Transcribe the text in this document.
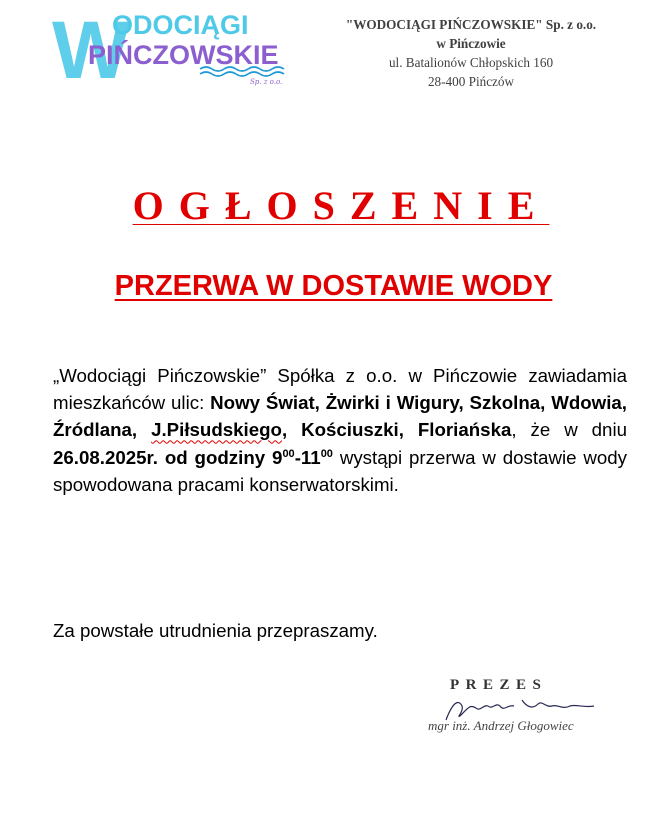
W
ODOCIĄGI
PIŃCZOWSKIE
Sp. z o.o.
"WODOCIĄGI PIŃCZOWSKIE" Sp. z o.o.
w Pińczowie
ul. Batalionów Chłopskich 160
28-400 Pińczów
OGŁOSZENIE
PRZERWA W DOSTAWIE WODY
„Wodociągi Pińczowskie” Spółka z o.o. w Pińczowie zawiadamia mieszkańców ulic: Nowy Świat, Żwirki i Wigury, Szkolna, Wdowia, Źródlana, J.Piłsudskiego, Kościuszki, Floriańska, że w dniu 26.08.2025r. od godziny $9^{00}-11^{00}$ wystąpi przerwa w dostawie wody spowodowana pracami konserwatorskimi.
Za powstałe utrudnienia przepraszamy.
PREZES
mgr inż. Andrzej Głogowiec
